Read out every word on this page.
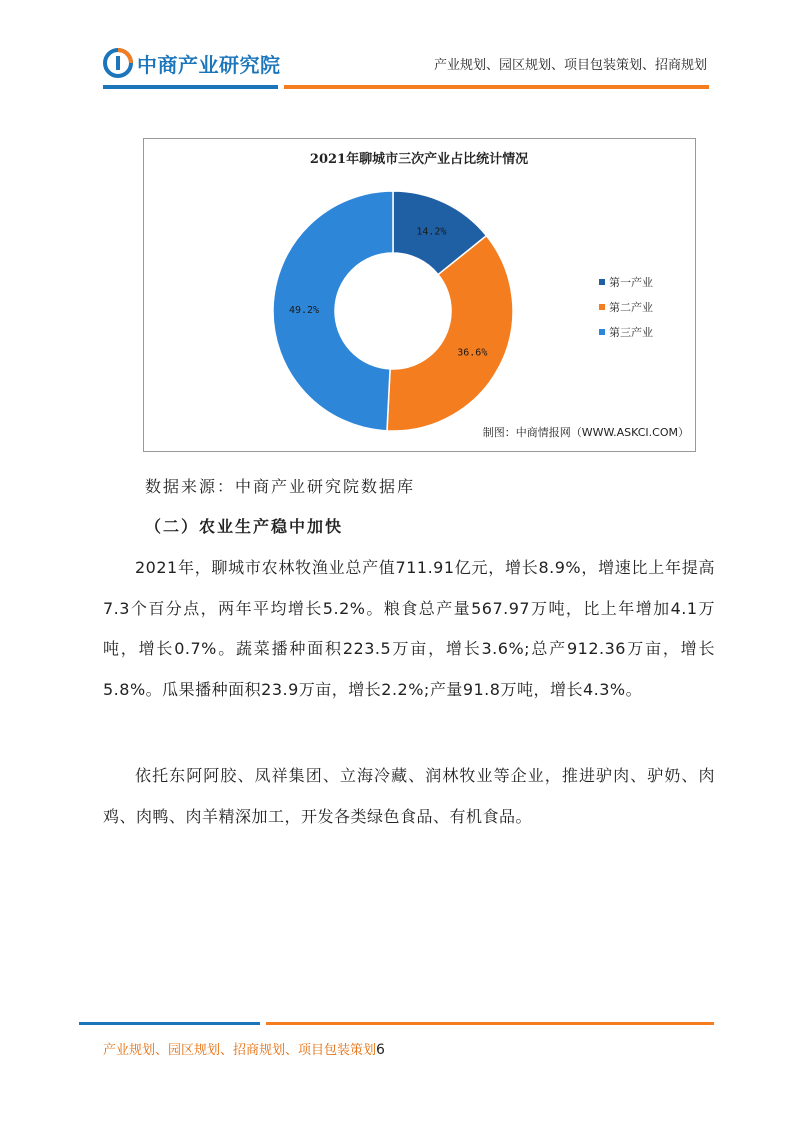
中商产业研究院	产业规划、园区规划、项目包装策划、招商规划
2021年聊城市三次产业占比统计情况
14.2%
36.6%
49.2%
第一产业
第二产业
第三产业
制图：中商情报网（WWW.ASKCI.COM）
数据来源：中商产业研究院数据库
（二）农业生产稳中加快

2021年，聊城市农林牧渔业总产值711.91亿元，增长8.9%，增速比上年提高7.3个百分点，两年平均增长5.2%。粮食总产量567.97万吨，比上年增加4.1万吨，增长0.7%。蔬菜播种面积223.5万亩，增长3.6%;总产912.36万亩，增长5.8%。瓜果播种面积23.9万亩，增长2.2%;产量91.8万吨，增长4.3%。

依托东阿阿胶、凤祥集团、立海冷藏、润林牧业等企业，推进驴肉、驴奶、肉鸡、肉鸭、肉羊精深加工，开发各类绿色食品、有机食品。

产业规划、园区规划、招商规划、项目包装策划6
